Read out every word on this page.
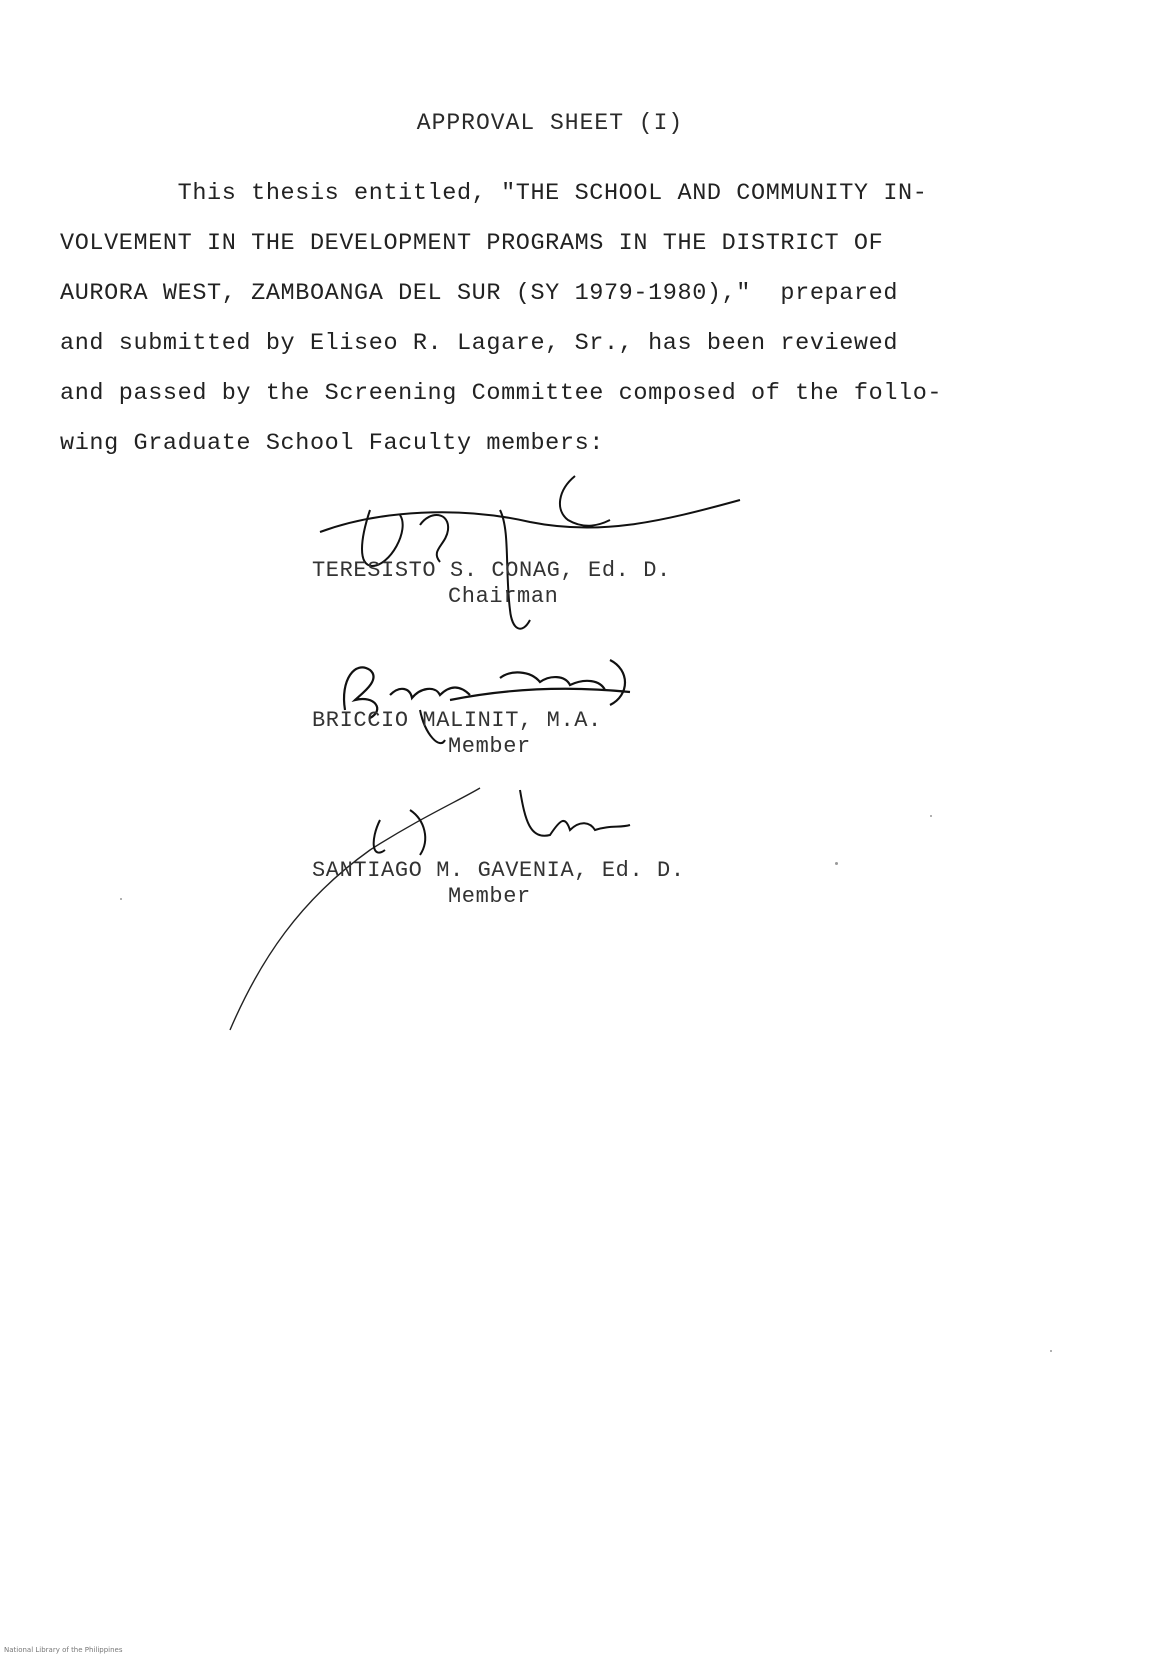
APPROVAL SHEET (I)
This thesis entitled, "THE SCHOOL AND COMMUNITY IN-
VOLVEMENT IN THE DEVELOPMENT PROGRAMS IN THE DISTRICT OF
AURORA WEST, ZAMBOANGA DEL SUR (SY 1979-1980),"  prepared
and submitted by Eliseo R. Lagare, Sr., has been reviewed
and passed by the Screening Committee composed of the follo-
wing Graduate School Faculty members:
TERESISTO S. CONAG, Ed. D.
Chairman
BRICCIO MALINIT, M.A.
Member
SANTIAGO M. GAVENIA, Ed. D.
Member
National Library of the Philippines
